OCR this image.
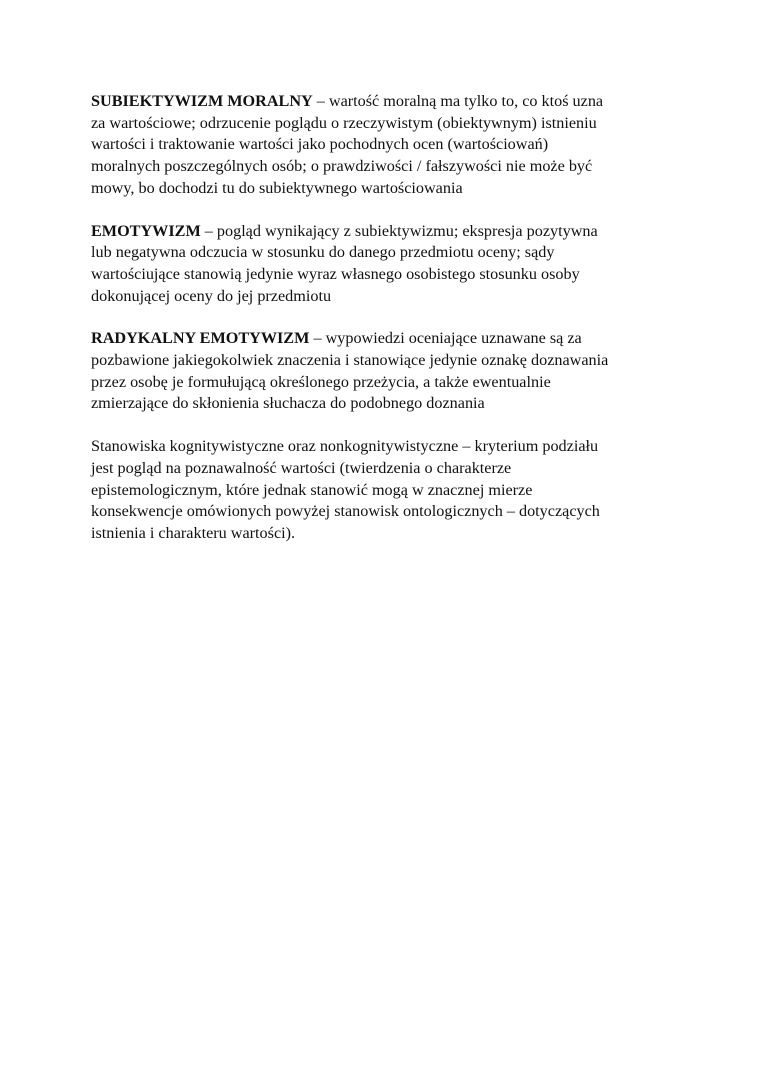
SUBIEKTYWIZM MORALNY – wartość moralną ma tylko to, co ktoś uzna
za wartościowe; odrzucenie poglądu o rzeczywistym (obiektywnym) istnieniu
wartości i traktowanie wartości jako pochodnych ocen (wartościowań)
moralnych poszczególnych osób; o prawdziwości / fałszywości nie może być
mowy, bo dochodzi tu do subiektywnego wartościowania

EMOTYWIZM – pogląd wynikający z subiektywizmu; ekspresja pozytywna
lub negatywna odczucia w stosunku do danego przedmiotu oceny; sądy
wartościujące stanowią jedynie wyraz własnego osobistego stosunku osoby
dokonującej oceny do jej przedmiotu

RADYKALNY EMOTYWIZM – wypowiedzi oceniające uznawane są za
pozbawione jakiegokolwiek znaczenia i stanowiące jedynie oznakę doznawania
przez osobę je formułującą określonego przeżycia, a także ewentualnie
zmierzające do skłonienia słuchacza do podobnego doznania

Stanowiska kognitywistyczne oraz nonkognitywistyczne – kryterium podziału
jest pogląd na poznawalność wartości (twierdzenia o charakterze
epistemologicznym, które jednak stanowić mogą w znacznej mierze
konsekwencje omówionych powyżej stanowisk ontologicznych – dotyczących
istnienia i charakteru wartości).
